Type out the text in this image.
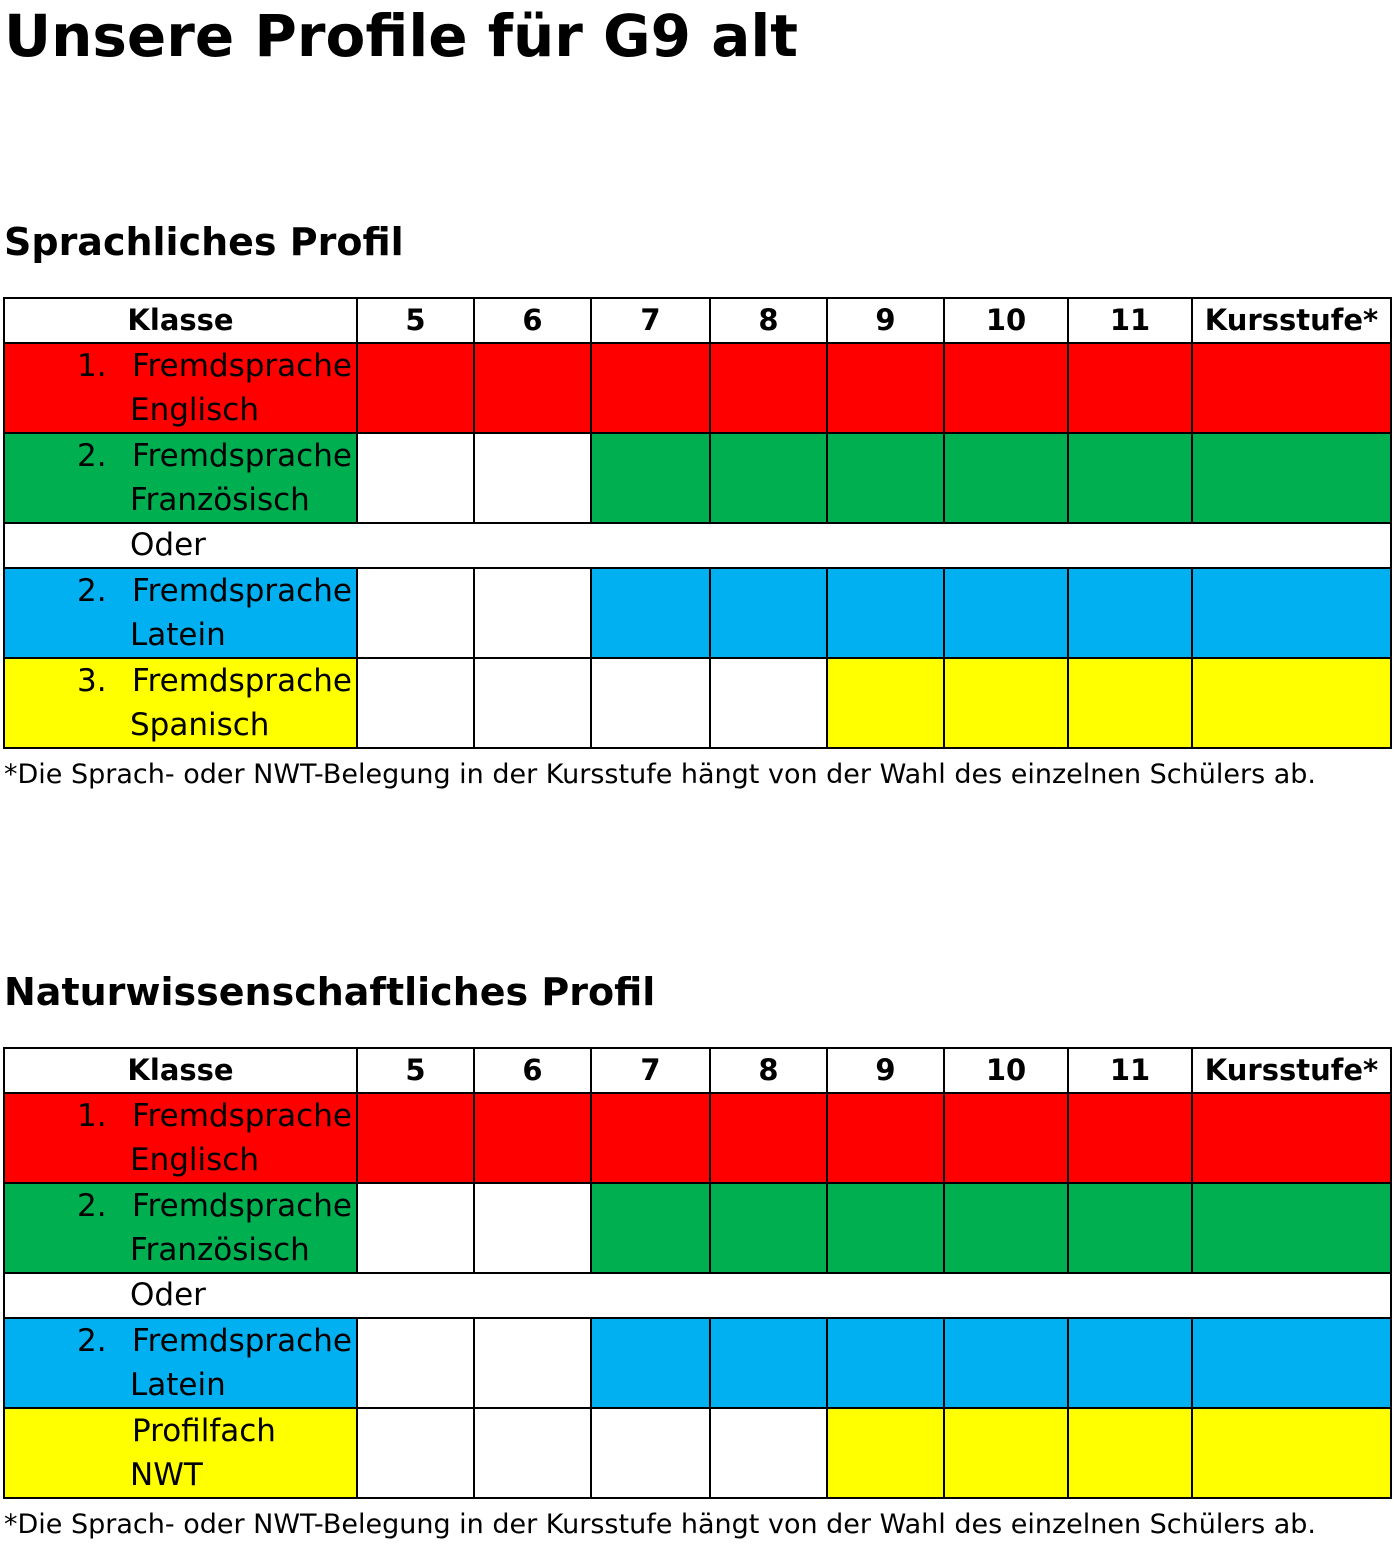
Unsere Profile für G9 alt
Sprachliches Profil
Klasse	5	6	7	8	9	10	11	Kursstufe*

1. Fremdsprache
Englisch								

2. Fremdsprache
Französisch								

Oder								

2. Fremdsprache
Latein								

3. Fremdsprache
Spanisch								

*Die Sprach- oder NWT-Belegung in der Kursstufe hängt von der Wahl des einzelnen Schülers ab.

Naturwissenschaftliches Profil
Klasse	5	6	7	8	9	10	11	Kursstufe*

1. Fremdsprache
Englisch								

2. Fremdsprache
Französisch								

Oder								

2. Fremdsprache
Latein								

Profilfach
NWT								

*Die Sprach- oder NWT-Belegung in der Kursstufe hängt von der Wahl des einzelnen Schülers ab.
